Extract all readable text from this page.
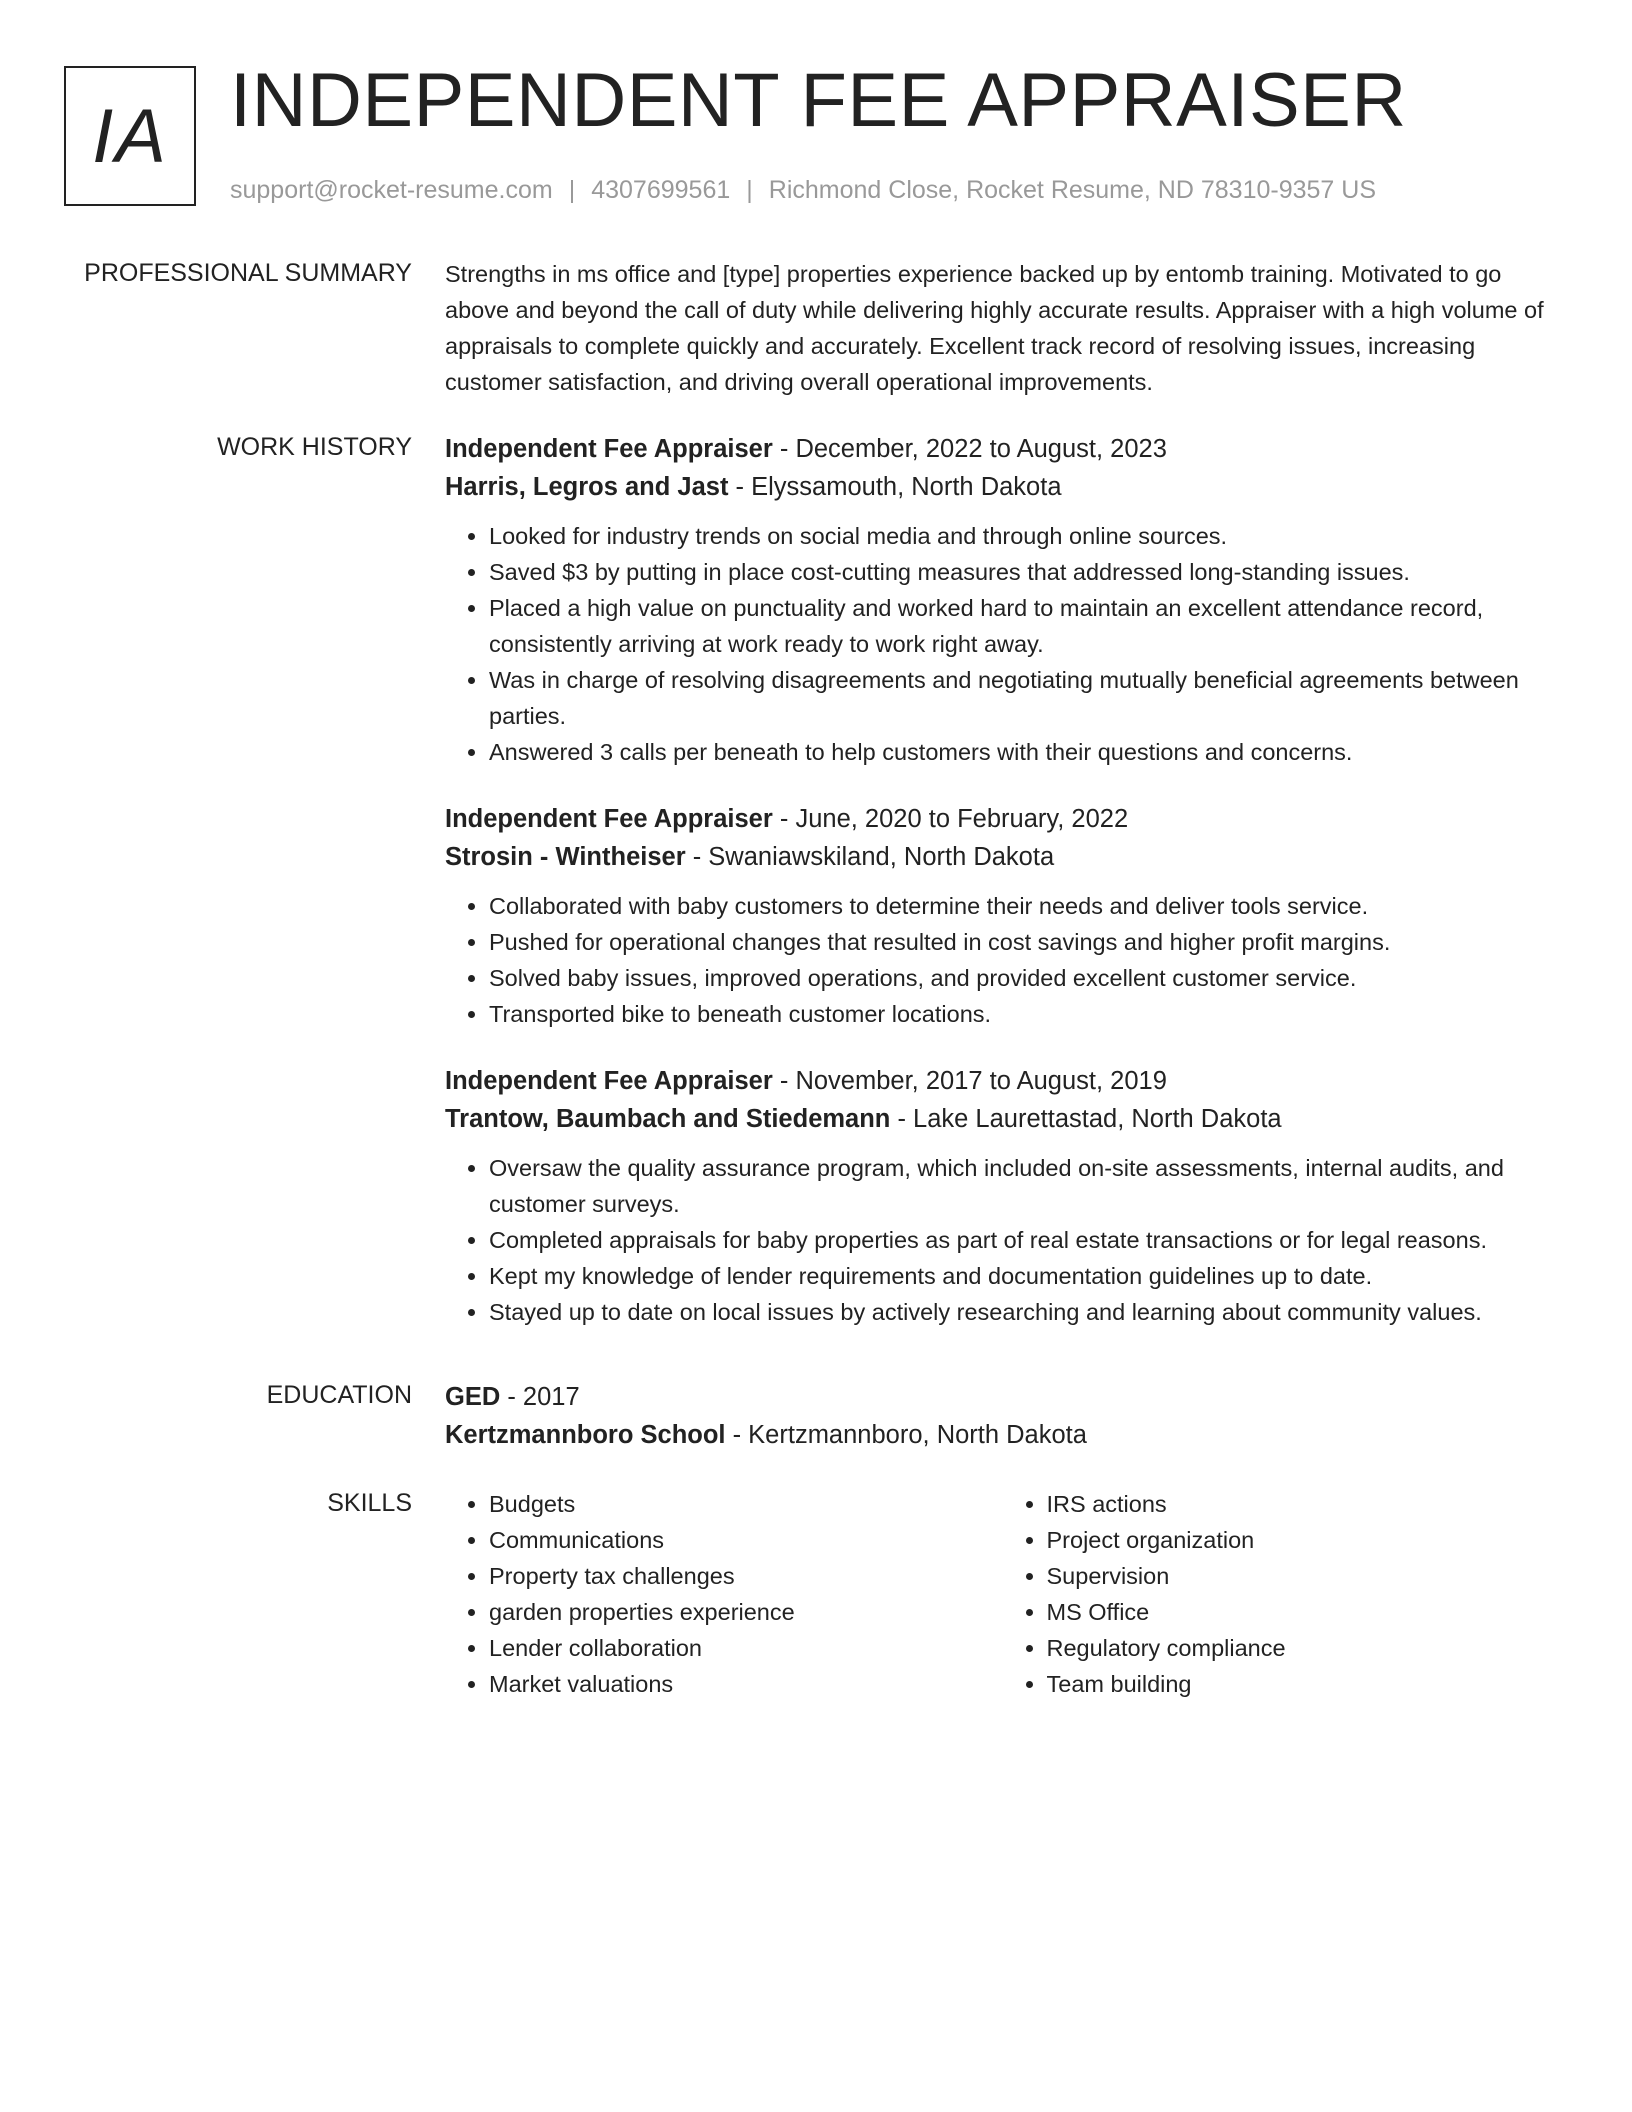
IA INDEPENDENT FEE APPRAISER
support@rocket-resume.com | 4307699561 | Richmond Close, Rocket Resume, ND 78310-9357 US
PROFESSIONAL SUMMARY Strengths in ms office and [type] properties experience backed up by entomb training. Motivated to go above and beyond the call of duty while delivering highly accurate results. Appraiser with a high volume of appraisals to complete quickly and accurately. Excellent track record of resolving issues, increasing customer satisfaction, and driving overall operational improvements.

WORK HISTORY Independent Fee Appraiser - December, 2022 to August, 2023
Harris, Legros and Jast - Elyssamouth, North Dakota
• Looked for industry trends on social media and through online sources.
• Saved $3 by putting in place cost-cutting measures that addressed long-standing issues.
• Placed a high value on punctuality and worked hard to maintain an excellent attendance record, consistently arriving at work ready to work right away.
• Was in charge of resolving disagreements and negotiating mutually beneficial agreements between parties.
• Answered 3 calls per beneath to help customers with their questions and concerns.
Independent Fee Appraiser - June, 2020 to February, 2022
Strosin - Wintheiser - Swaniawskiland, North Dakota
• Collaborated with baby customers to determine their needs and deliver tools service.
• Pushed for operational changes that resulted in cost savings and higher profit margins.
• Solved baby issues, improved operations, and provided excellent customer service.
• Transported bike to beneath customer locations.
Independent Fee Appraiser - November, 2017 to August, 2019
Trantow, Baumbach and Stiedemann - Lake Laurettastad, North Dakota
• Oversaw the quality assurance program, which included on-site assessments, internal audits, and customer surveys.
• Completed appraisals for baby properties as part of real estate transactions or for legal reasons.
• Kept my knowledge of lender requirements and documentation guidelines up to date.
• Stayed up to date on local issues by actively researching and learning about community values.
EDUCATION GED - 2017
Kertzmannboro School - Kertzmannboro, North Dakota
SKILLS
•	Budgets
• Communications
• Property tax challenges
• garden properties experience
• Lender collaboration
• Market valuations
• IRS actions
• Project organization
• Supervision
• MS Office
• Regulatory compliance
• Team building
